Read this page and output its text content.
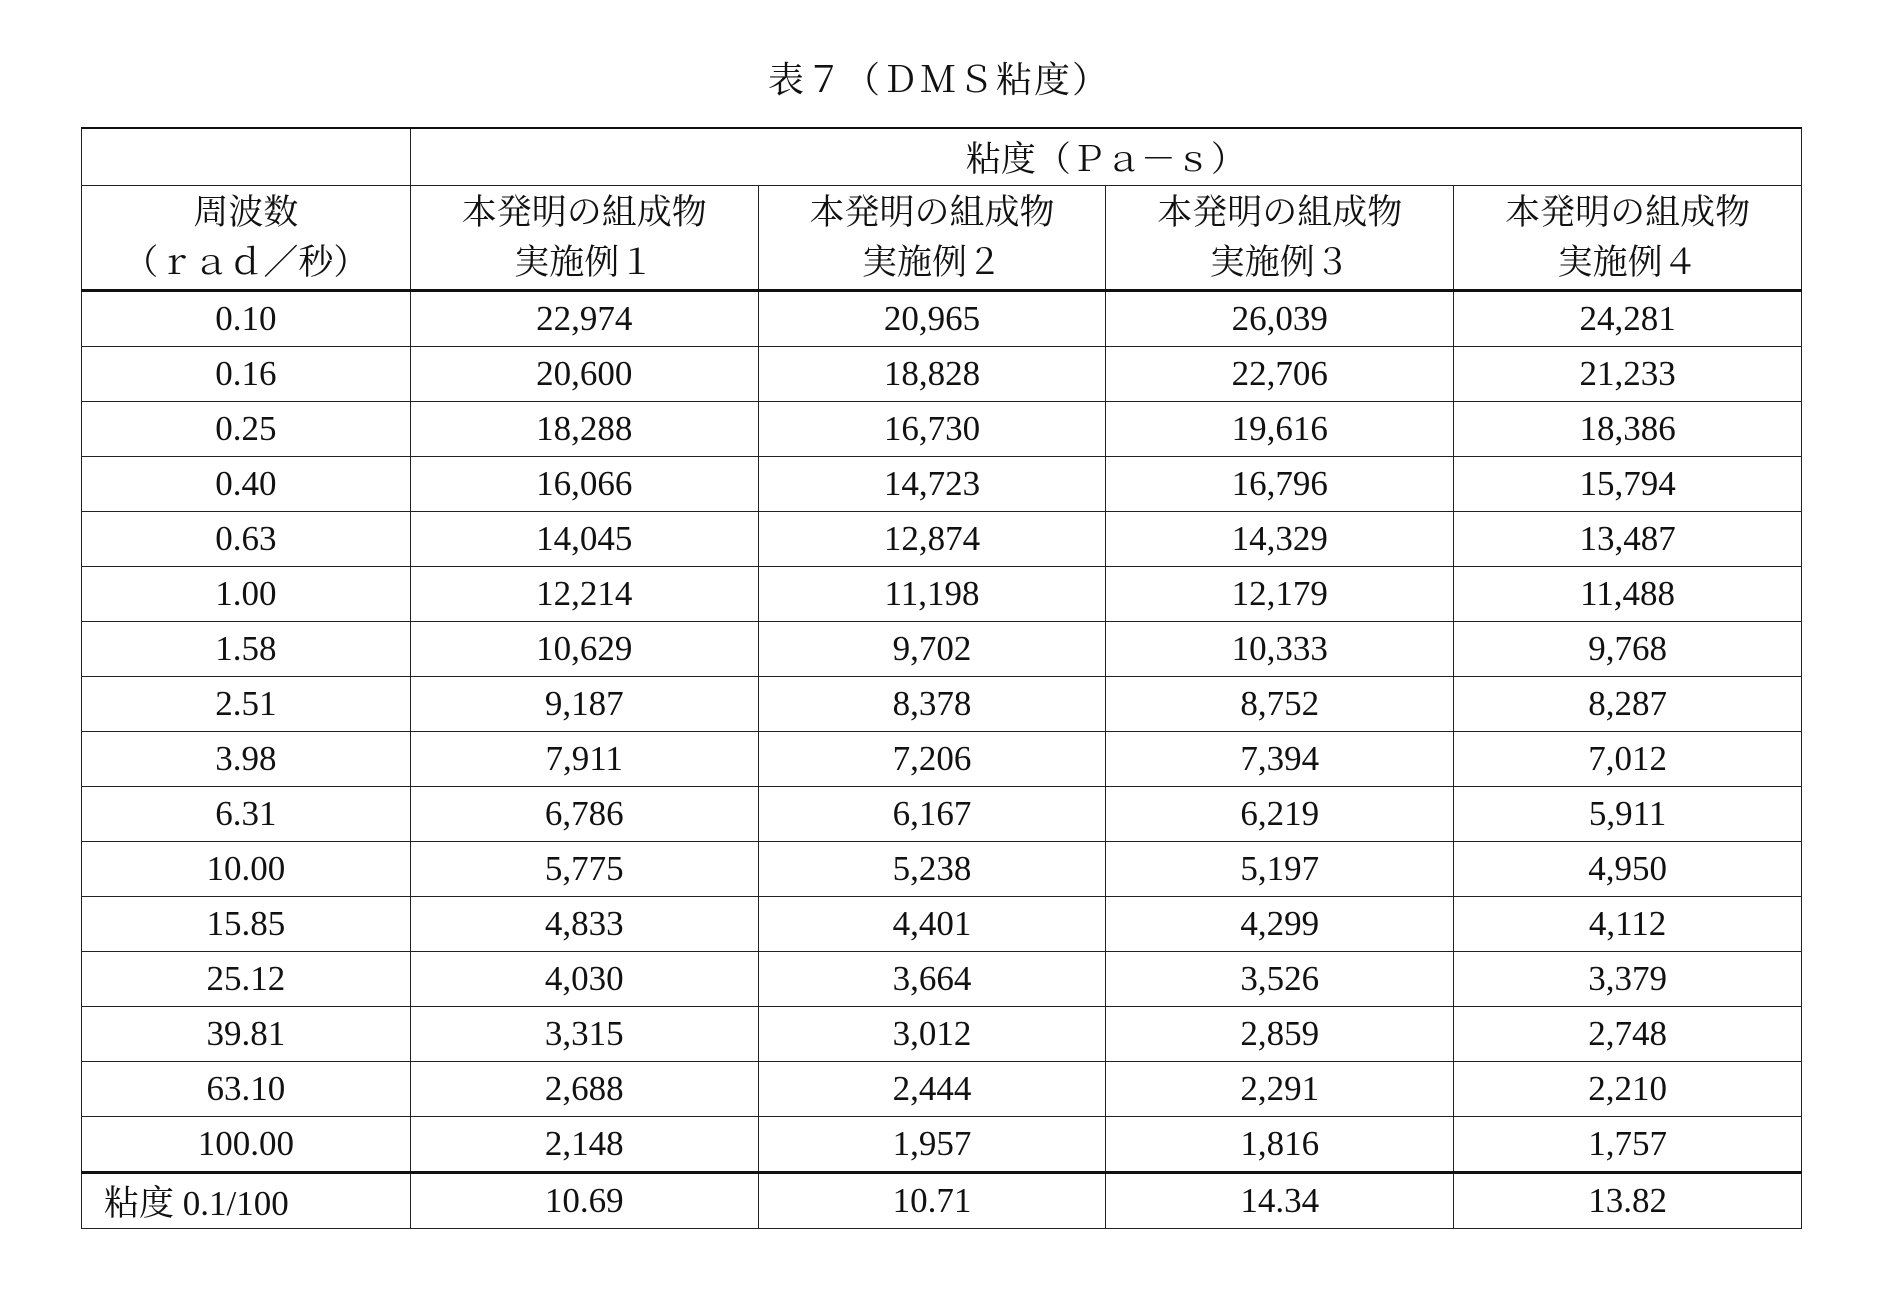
表７（ＤＭＳ粘度）
	粘度（Ｐａ－ｓ）

周波数
（ｒａｄ／秒）

本発明の組成物
実施例１

本発明の組成物
実施例２

本発明の組成物
実施例３

本発明の組成物
実施例４

0.10	22,974	20,965	26,039	24,281
0.16	20,600	18,828	22,706	21,233
0.25	18,288	16,730	19,616	18,386
0.40	16,066	14,723	16,796	15,794
0.63	14,045	12,874	14,329	13,487
1.00	12,214	11,198	12,179	11,488
1.58	10,629	9,702	10,333	9,768
2.51	9,187	8,378	8,752	8,287
3.98	7,911	7,206	7,394	7,012
6.31	6,786	6,167	6,219	5,911
10.00	5,775	5,238	5,197	4,950
15.85	4,833	4,401	4,299	4,112
25.12	4,030	3,664	3,526	3,379
39.81	3,315	3,012	2,859	2,748
63.10	2,688	2,444	2,291	2,210
100.00	2,148	1,957	1,816	1,757
粘度 0.1/100	10.69	10.71	14.34	13.82
